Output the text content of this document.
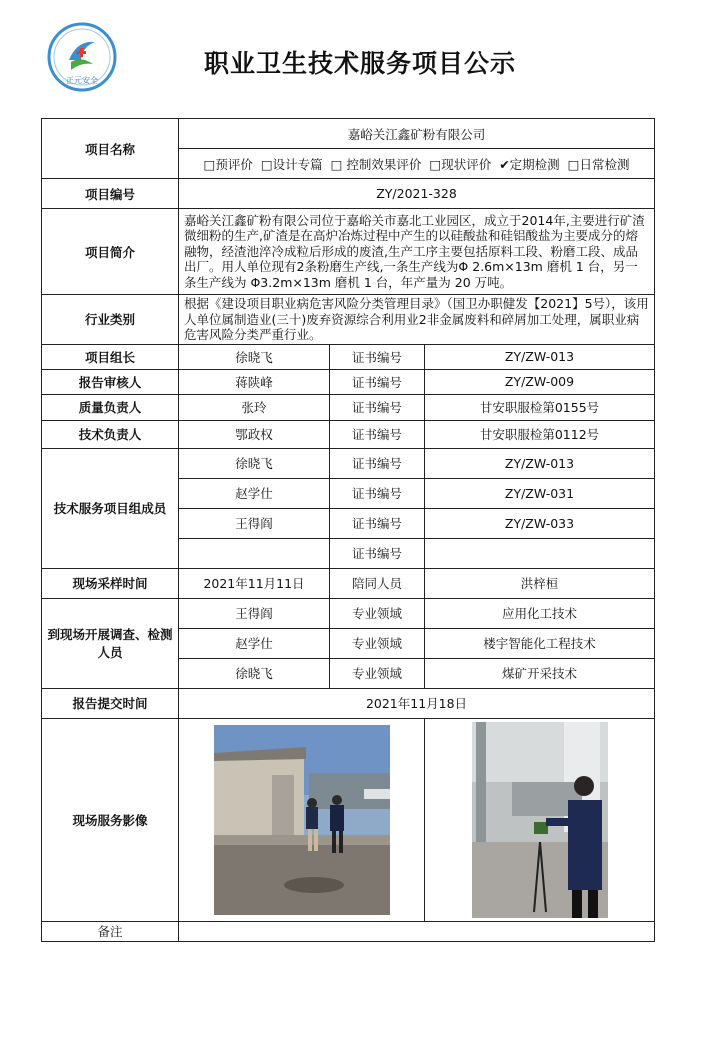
正元安全
职业卫生技术服务项目公示
项目名称	嘉峪关江鑫矿粉有限公司		
	□预评价 □设计专篇 □ 控制效果评价 □现状评价 ✔定期检测 □日常检测		
项目编号	ZY/2021-328		
项目简介	嘉峪关江鑫矿粉有限公司位于嘉峪关市嘉北工业园区，成立于2014年,主要进行矿渣微细粉的生产,矿渣是在高炉冶炼过程中产生的以硅酸盐和硅铝酸盐为主要成分的熔融物，经渣池淬冷成粒后形成的废渣,生产工序主要包括原料工段、粉磨工段、成品出厂。用人单位现有2条粉磨生产线,一条生产线为Φ 2.6m×13m 磨机 1 台，另一条生产线为 Φ3.2m×13m 磨机 1 台，年产量为 20 万吨。		
行业类别	根据《建设项目职业病危害风险分类管理目录》（国卫办职健发【2021】5号），该用人单位属制造业(三十)废弃资源综合利用业2非金属废料和碎屑加工处理，属职业病危害风险分类严重行业。		
项目组长	徐晓飞	证书编号	ZY/ZW-013
报告审核人	蒋陕峰	证书编号	ZY/ZW-009
质量负责人	张玲	证书编号	甘安职服检第0155号
技术负责人	鄂政权	证书编号	甘安职服检第0112号
技术服务项目组成员	徐晓飞	证书编号	ZY/ZW-013
	赵学仕	证书编号	ZY/ZW-031
	王得阎	证书编号	ZY/ZW-033
		证书编号	
现场采样时间	2021年11月11日	陪同人员	洪梓桓
到现场开展调查、检测人员	王得阎	专业领域	应用化工技术
	赵学仕	专业领域	楼宇智能化工程技术
	徐晓飞	专业领域	煤矿开采技术
报告提交时间	2021年11月18日		
现场服务影像		
备注			
